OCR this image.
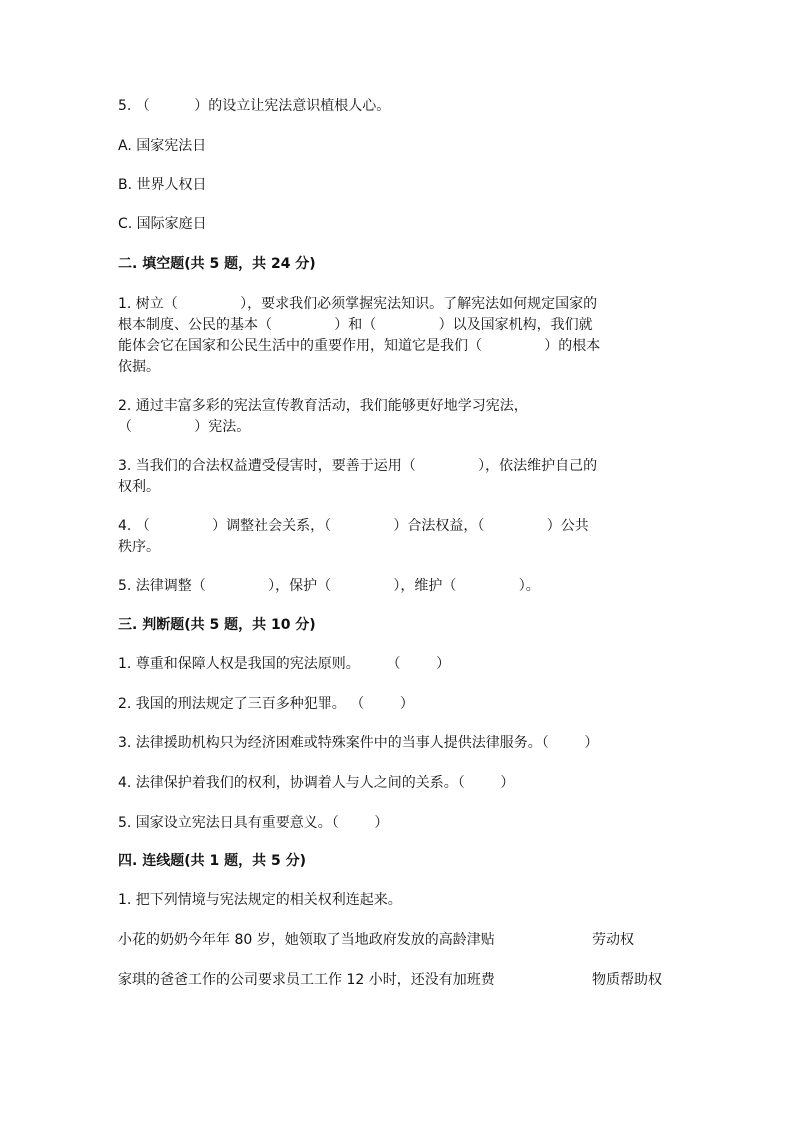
5. （          ）的设立让宪法意识植根人心。
A. 国家宪法日
B. 世界人权日
C. 国际家庭日
二. 填空题(共 5 题，共 24 分)
1. 树立（              ），要求我们必须掌握宪法知识。了解宪法如何规定国家的
根本制度、公民的基本（              ）和（              ）以及国家机构，我们就
能体会它在国家和公民生活中的重要作用，知道它是我们（              ）的根本
依据。
2. 通过丰富多彩的宪法宣传教育活动，我们能够更好地学习宪法，
（              ）宪法。
3. 当我们的合法权益遭受侵害时，要善于运用（              ），依法维护自己的
权利。
4. （              ）调整社会关系，（              ）合法权益，（              ）公共
秩序。
5. 法律调整（              ），保护（              ），维护（              ）。
三. 判断题(共 5 题，共 10 分)
1. 尊重和保障人权是我国的宪法原则。      （        ）
2. 我国的刑法规定了三百多种犯罪。 （        ）
3. 法律援助机构只为经济困难或特殊案件中的当事人提供法律服务。（        ）
4. 法律保护着我们的权利，协调着人与人之间的关系。（        ）
5. 国家设立宪法日具有重要意义。（        ）
四. 连线题(共 1 题，共 5 分)
1. 把下列情境与宪法规定的相关权利连起来。
小花的奶奶今年年 80 岁，她领取了当地政府发放的高龄津贴	劳动权
家琪的爸爸工作的公司要求员工工作 12 小时，还没有加班费	物质帮助权
